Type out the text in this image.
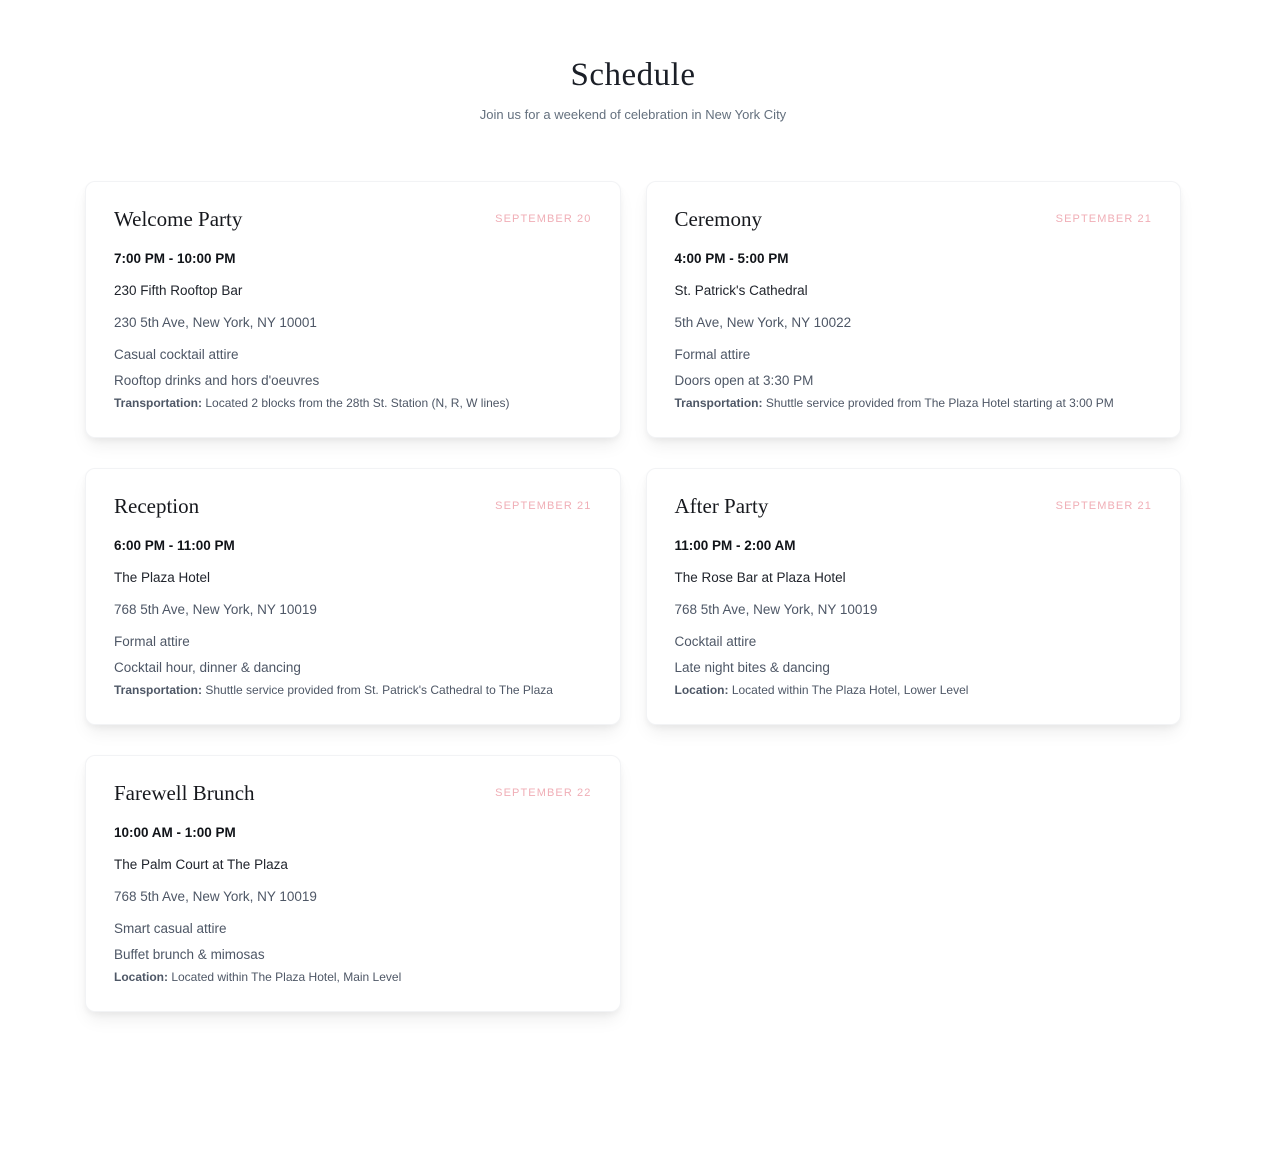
Schedule

Join us for a weekend of celebration in New York City

Welcome Party	SEPTEMBER 20

7:00 PM - 10:00 PM

230 Fifth Rooftop Bar

230 5th Ave, New York, NY 10001

Casual cocktail attire

Rooftop drinks and hors d'oeuvres

Transportation: Located 2 blocks from the 28th St. Station (N, R, W lines)

Ceremony	SEPTEMBER 21

4:00 PM - 5:00 PM

St. Patrick's Cathedral

5th Ave, New York, NY 10022

Formal attire

Doors open at 3:30 PM

Transportation: Shuttle service provided from The Plaza Hotel starting at 3:00 PM

Reception	SEPTEMBER 21

6:00 PM - 11:00 PM

The Plaza Hotel

768 5th Ave, New York, NY 10019

Formal attire

Cocktail hour, dinner & dancing

Transportation: Shuttle service provided from St. Patrick's Cathedral to The Plaza

After Party	SEPTEMBER 21

11:00 PM - 2:00 AM

The Rose Bar at Plaza Hotel

768 5th Ave, New York, NY 10019

Cocktail attire

Late night bites & dancing

Location: Located within The Plaza Hotel, Lower Level

Farewell Brunch	SEPTEMBER 22

10:00 AM - 1:00 PM

The Palm Court at The Plaza

768 5th Ave, New York, NY 10019

Smart casual attire

Buffet brunch & mimosas

Location: Located within The Plaza Hotel, Main Level
